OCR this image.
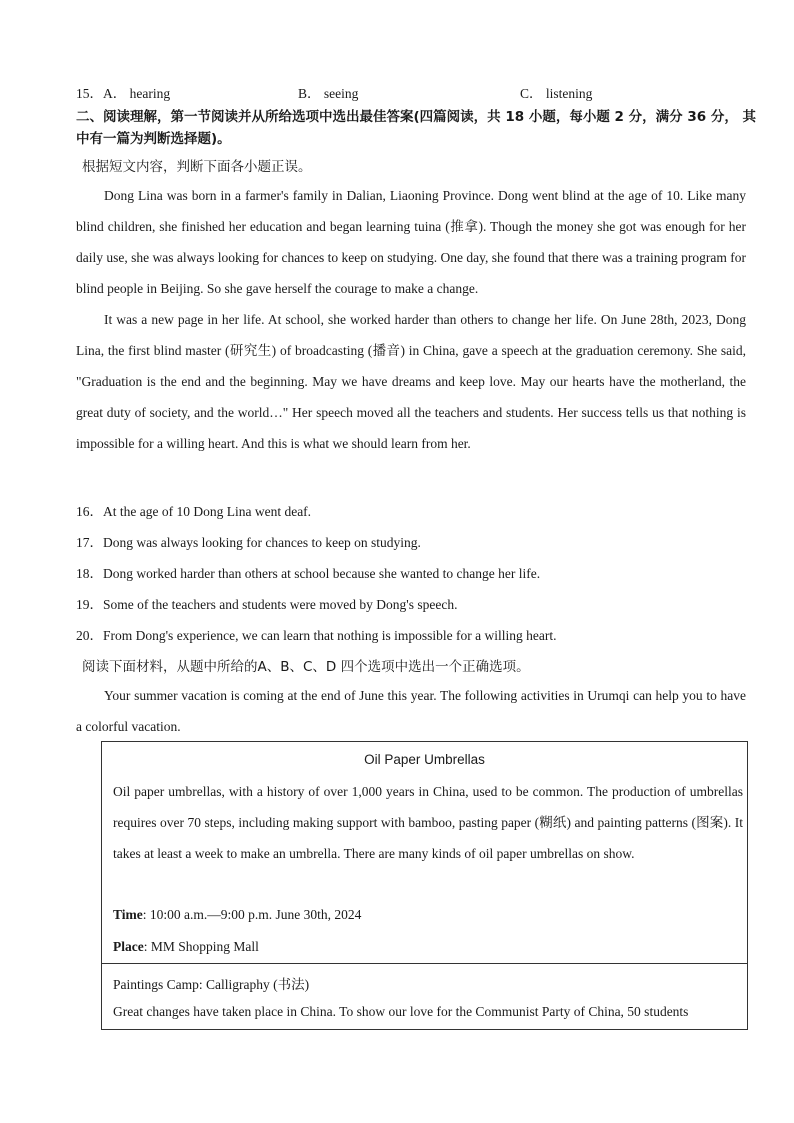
15．A． hearing	B． seeing	C． listening
二、阅读理解，第一节阅读并从所给选项中选出最佳答案(四篇阅读，共 18 小题，每小题 2 分，满分 36 分， 其中有一篇为判断选择题)。
根据短文内容，判断下面各小题正误。
Dong Lina was born in a farmer's family in Dalian, Liaoning Province. Dong went blind at the age of 10. Like many blind children, she finished her education and began learning tuina (推拿). Though the money she got was enough for her daily use, she was always looking for chances to keep on studying. One day, she found that there was a training program for blind people in Beijing. So she gave herself the courage to make a change.
It was a new page in her life. At school, she worked harder than others to change her life. On June 28th, 2023, Dong Lina, the first blind master (研究生) of broadcasting (播音) in China, gave a speech at the graduation ceremony. She said, "Graduation is the end and the beginning. May we have dreams and keep love. May our hearts have the motherland, the great duty of society, and the world…" Her speech moved all the teachers and students. Her success tells us that nothing is impossible for a willing heart. And this is what we should learn from her.
16．At the age of 10 Dong Lina went deaf.
17．Dong was always looking for chances to keep on studying.
18．Dong worked harder than others at school because she wanted to change her life.
19．Some of the teachers and students were moved by Dong's speech.
20．From Dong's experience, we can learn that nothing is impossible for a willing heart.
阅读下面材料，从题中所给的A、B、C、D 四个选项中选出一个正确选项。
Your summer vacation is coming at the end of June this year. The following activities in Urumqi can help you to have a colorful vacation.
Oil Paper Umbrellas
Oil paper umbrellas, with a history of over 1,000 years in China, used to be common. The production of umbrellas requires over 70 steps, including making support with bamboo, pasting paper (糊纸) and painting patterns (图案). It takes at least a week to make an umbrella. There are many kinds of oil paper umbrellas on show.
Time: 10:00 a.m.—9:00 p.m. June 30th, 2024
Place: MM Shopping Mall
Paintings Camp: Calligraphy (书法)
Great changes have taken place in China. To show our love for the Communist Party of China, 50 students
